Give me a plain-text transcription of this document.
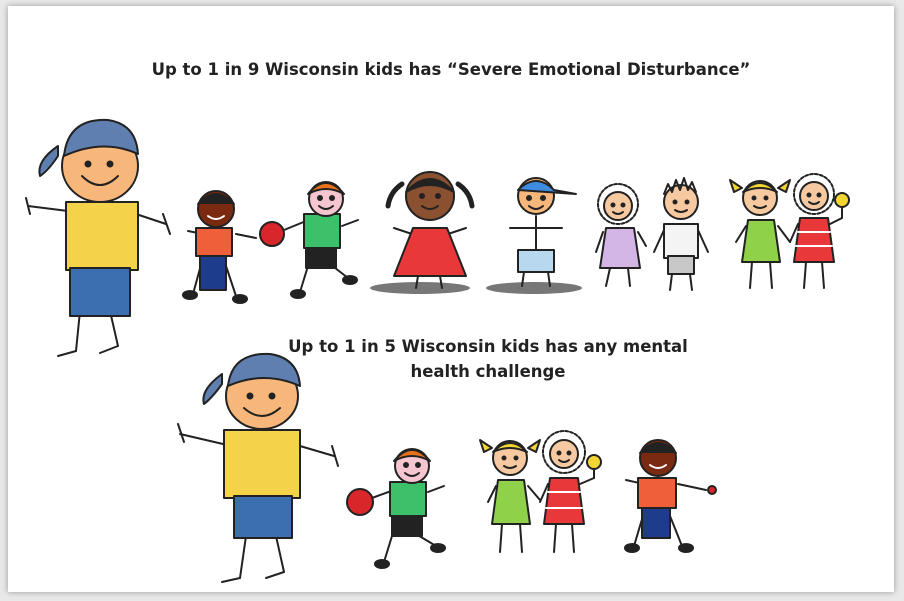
Up to 1 in 9 Wisconsin kids has “Severe Emotional Disturbance”
Up to 1 in 5 Wisconsin kids has any mental
health challenge
